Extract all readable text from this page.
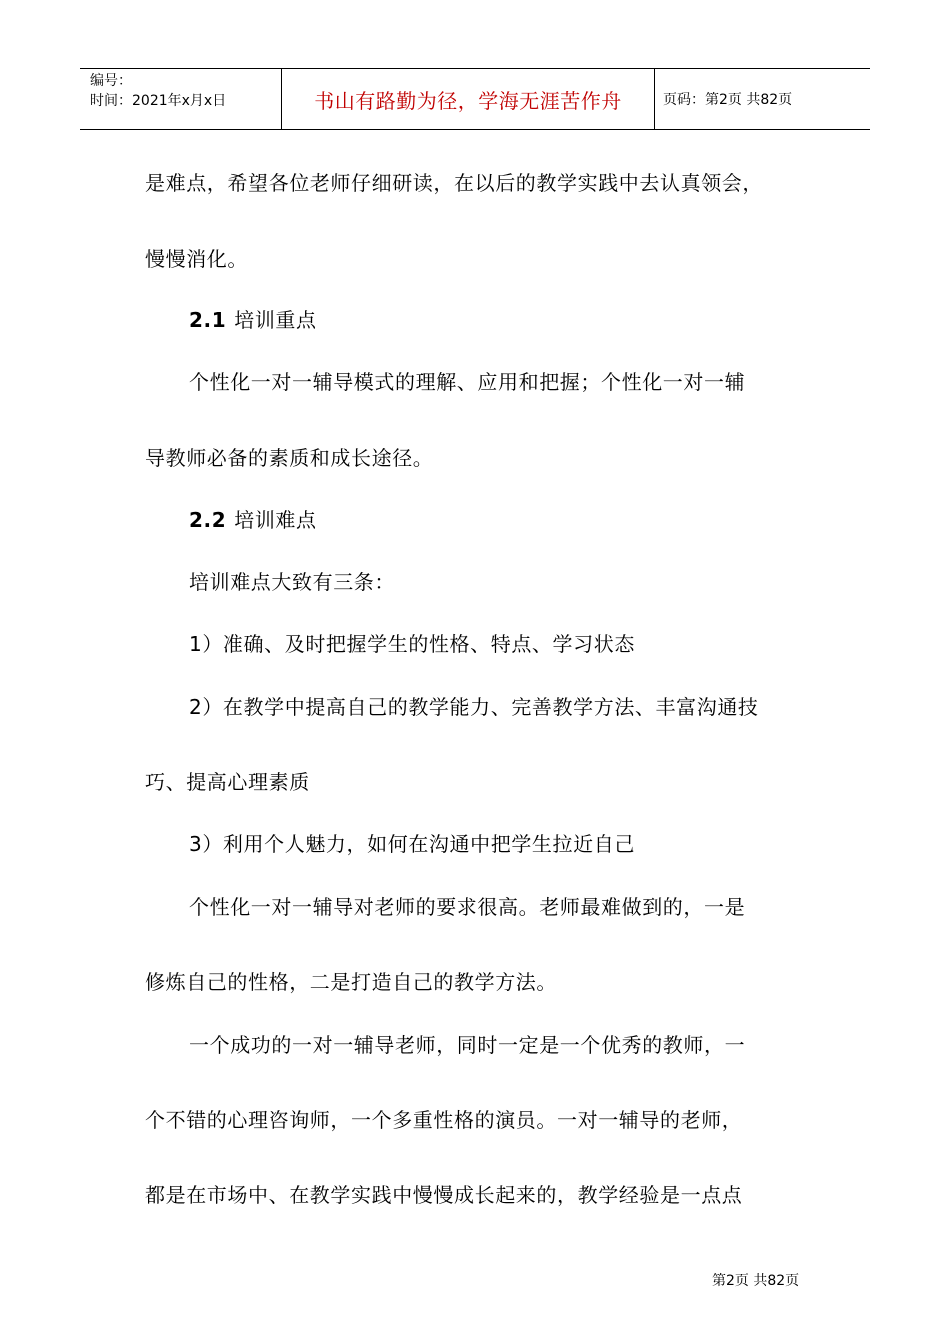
编号：
时间：2021年x月x日	书山有路勤为径，学海无涯苦作舟	页码：第2页 共82页
是难点，希望各位老师仔细研读，在以后的教学实践中去认真领会，
慢慢消化。
2.1 培训重点
个性化一对一辅导模式的理解、应用和把握；个性化一对一辅
导教师必备的素质和成长途径。
2.2 培训难点
培训难点大致有三条：
1）准确、及时把握学生的性格、特点、学习状态
2）在教学中提高自己的教学能力、完善教学方法、丰富沟通技
巧、提高心理素质
3）利用个人魅力，如何在沟通中把学生拉近自己
个性化一对一辅导对老师的要求很高。老师最难做到的，一是
修炼自己的性格，二是打造自己的教学方法。
一个成功的一对一辅导老师，同时一定是一个优秀的教师，一
个不错的心理咨询师，一个多重性格的演员。一对一辅导的老师，
都是在市场中、在教学实践中慢慢成长起来的，教学经验是一点点
第2页 共82页
